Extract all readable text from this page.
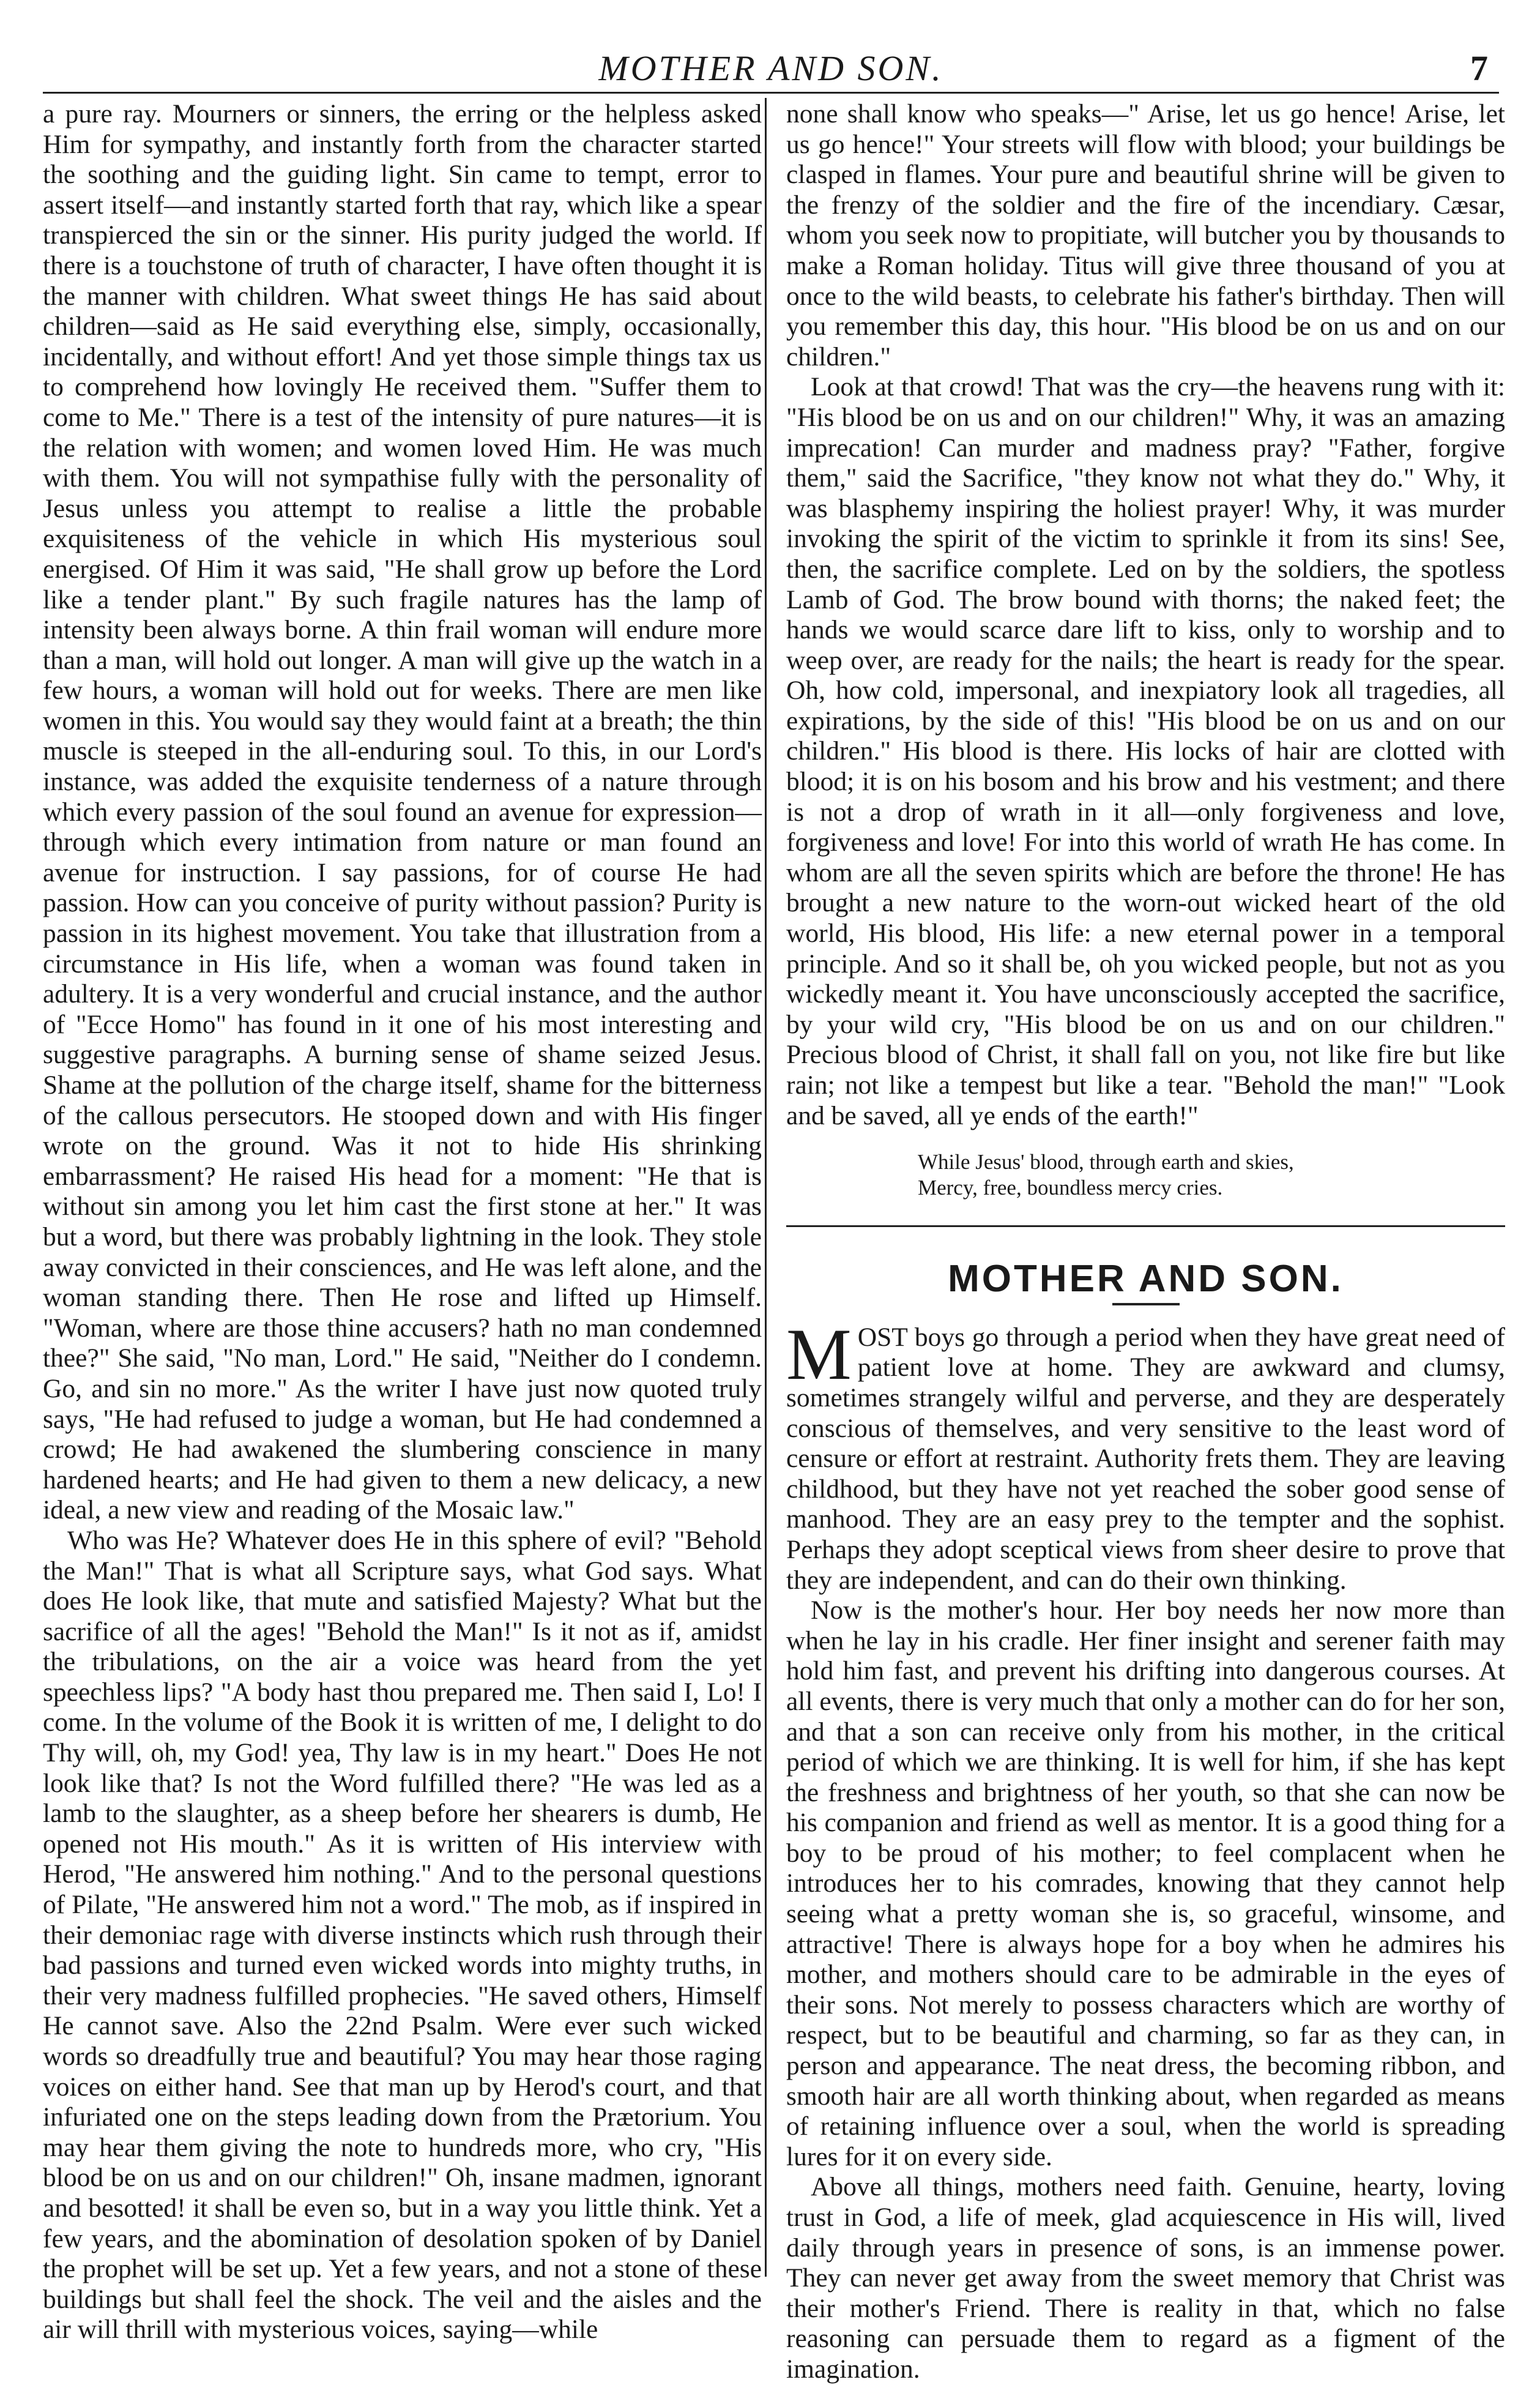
MOTHER AND SON.	7

a pure ray. Mourners or sinners, the erring or the helpless asked Him for sympathy, and instantly forth from the character started the soothing and the guiding light. Sin came to tempt, error to assert itself—and instantly started forth that ray, which like a spear transpierced the sin or the sinner. His purity judged the world. If there is a touchstone of truth of character, I have often thought it is the manner with children. What sweet things He has said about children—said as He said everything else, simply, occasionally, incidentally, and without effort! And yet those simple things tax us to comprehend how lovingly He received them. "Suffer them to come to Me." There is a test of the intensity of pure natures—it is the relation with women; and women loved Him. He was much with them. You will not sympathise fully with the personality of Jesus unless you attempt to realise a little the probable exquisiteness of the vehicle in which His mysterious soul energised. Of Him it was said, "He shall grow up before the Lord like a tender plant." By such fragile natures has the lamp of intensity been always borne. A thin frail woman will endure more than a man, will hold out longer. A man will give up the watch in a few hours, a woman will hold out for weeks. There are men like women in this. You would say they would faint at a breath; the thin muscle is steeped in the all-enduring soul. To this, in our Lord's instance, was added the exquisite tenderness of a nature through which every passion of the soul found an avenue for expression—through which every intimation from nature or man found an avenue for instruction. I say passions, for of course He had passion. How can you conceive of purity without passion? Purity is passion in its highest movement. You take that illustration from a circumstance in His life, when a woman was found taken in adultery. It is a very wonderful and crucial instance, and the author of "Ecce Homo" has found in it one of his most interesting and suggestive paragraphs. A burning sense of shame seized Jesus. Shame at the pollution of the charge itself, shame for the bitterness of the callous persecutors. He stooped down and with His finger wrote on the ground. Was it not to hide His shrinking embarrassment? He raised His head for a moment: "He that is without sin among you let him cast the first stone at her." It was but a word, but there was probably lightning in the look. They stole away convicted in their consciences, and He was left alone, and the woman standing there. Then He rose and lifted up Himself. "Woman, where are those thine accusers? hath no man condemned thee?" She said, "No man, Lord." He said, "Neither do I condemn. Go, and sin no more." As the writer I have just now quoted truly says, "He had refused to judge a woman, but He had condemned a crowd; He had awakened the slumbering conscience in many hardened hearts; and He had given to them a new delicacy, a new ideal, a new view and reading of the Mosaic law."

Who was He? Whatever does He in this sphere of evil? "Behold the Man!" That is what all Scripture says, what God says. What does He look like, that mute and satisfied Majesty? What but the sacrifice of all the ages! "Behold the Man!" Is it not as if, amidst the tribulations, on the air a voice was heard from the yet speechless lips? "A body hast thou prepared me. Then said I, Lo! I come. In the volume of the Book it is written of me, I delight to do Thy will, oh, my God! yea, Thy law is in my heart." Does He not look like that? Is not the Word fulfilled there? "He was led as a lamb to the slaughter, as a sheep before her shearers is dumb, He opened not His mouth." As it is written of His interview with Herod, "He answered him nothing." And to the personal questions of Pilate, "He answered him not a word." The mob, as if inspired in their demoniac rage with diverse instincts which rush through their bad passions and turned even wicked words into mighty truths, in their very madness fulfilled prophecies. "He saved others, Himself He cannot save. Also the 22nd Psalm. Were ever such wicked words so dreadfully true and beautiful? You may hear those raging voices on either hand. See that man up by Herod's court, and that infuriated one on the steps leading down from the Prætorium. You may hear them giving the note to hundreds more, who cry, "His blood be on us and on our children!" Oh, insane madmen, ignorant and besotted! it shall be even so, but in a way you little think. Yet a few years, and the abomination of desolation spoken of by Daniel the prophet will be set up. Yet a few years, and not a stone of these buildings but shall feel the shock. The veil and the aisles and the air will thrill with mysterious voices, saying—while

none shall know who speaks—" Arise, let us go hence! Arise, let us go hence!" Your streets will flow with blood; your buildings be clasped in flames. Your pure and beautiful shrine will be given to the frenzy of the soldier and the fire of the incendiary. Cæsar, whom you seek now to propitiate, will butcher you by thousands to make a Roman holiday. Titus will give three thousand of you at once to the wild beasts, to celebrate his father's birthday. Then will you remember this day, this hour. "His blood be on us and on our children."

Look at that crowd! That was the cry—the heavens rung with it: "His blood be on us and on our children!" Why, it was an amazing imprecation! Can murder and madness pray? "Father, forgive them," said the Sacrifice, "they know not what they do." Why, it was blasphemy inspiring the holiest prayer! Why, it was murder invoking the spirit of the victim to sprinkle it from its sins! See, then, the sacrifice complete. Led on by the soldiers, the spotless Lamb of God. The brow bound with thorns; the naked feet; the hands we would scarce dare lift to kiss, only to worship and to weep over, are ready for the nails; the heart is ready for the spear. Oh, how cold, impersonal, and inexpiatory look all tragedies, all expirations, by the side of this! "His blood be on us and on our children." His blood is there. His locks of hair are clotted with blood; it is on his bosom and his brow and his vestment; and there is not a drop of wrath in it all—only forgiveness and love, forgiveness and love! For into this world of wrath He has come. In whom are all the seven spirits which are before the throne! He has brought a new nature to the worn-out wicked heart of the old world, His blood, His life: a new eternal power in a temporal principle. And so it shall be, oh you wicked people, but not as you wickedly meant it. You have unconsciously accepted the sacrifice, by your wild cry, "His blood be on us and on our children." Precious blood of Christ, it shall fall on you, not like fire but like rain; not like a tempest but like a tear. "Behold the man!" "Look and be saved, all ye ends of the earth!"

While Jesus' blood, through earth and skies,
Mercy, free, boundless mercy cries.
MOTHER AND SON.

MOST boys go through a period when they have great need of patient love at home. They are awkward and clumsy, sometimes strangely wilful and perverse, and they are desperately conscious of themselves, and very sensitive to the least word of censure or effort at restraint. Authority frets them. They are leaving childhood, but they have not yet reached the sober good sense of manhood. They are an easy prey to the tempter and the sophist. Perhaps they adopt sceptical views from sheer desire to prove that they are independent, and can do their own thinking.

Now is the mother's hour. Her boy needs her now more than when he lay in his cradle. Her finer insight and serener faith may hold him fast, and prevent his drifting into dangerous courses. At all events, there is very much that only a mother can do for her son, and that a son can receive only from his mother, in the critical period of which we are thinking. It is well for him, if she has kept the freshness and brightness of her youth, so that she can now be his companion and friend as well as mentor. It is a good thing for a boy to be proud of his mother; to feel complacent when he introduces her to his comrades, knowing that they cannot help seeing what a pretty woman she is, so graceful, winsome, and attractive! There is always hope for a boy when he admires his mother, and mothers should care to be admirable in the eyes of their sons. Not merely to possess characters which are worthy of respect, but to be beautiful and charming, so far as they can, in person and appearance. The neat dress, the becoming ribbon, and smooth hair are all worth thinking about, when regarded as means of retaining influence over a soul, when the world is spreading lures for it on every side.

Above all things, mothers need faith. Genuine, hearty, loving trust in God, a life of meek, glad acquiescence in His will, lived daily through years in presence of sons, is an immense power. They can never get away from the sweet memory that Christ was their mother's Friend. There is reality in that, which no false reasoning can persuade them to regard as a figment of the imagination.
